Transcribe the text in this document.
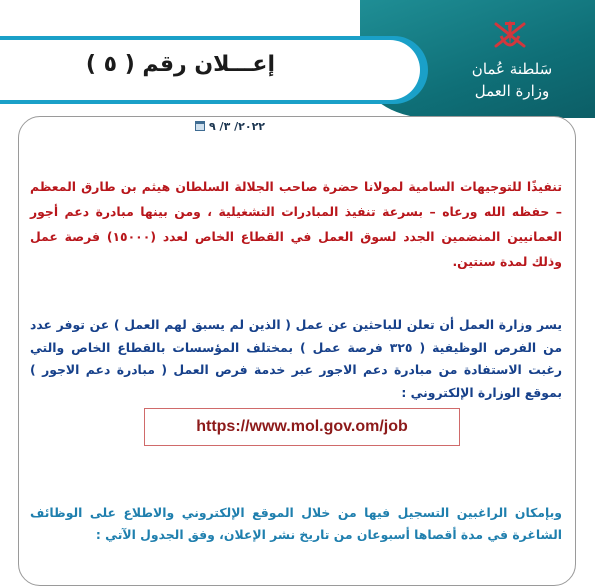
إعـــلان رقم ( ٥ )	سَلطنة عُمان
وزارة العمل
٢٠٢٢/ ٣/ ٩

تنفيذًا للتوجيهات السامية لمولانا حضرة صاحب الجلالة السلطان هيثم بن طارق المعظم – حفظه الله ورعاه – بسرعة تنفيذ المبادرات التشغيلية ، ومن بينها مبادرة دعم أجور العمانيين المنضمين الجدد لسوق العمل في القطاع الخاص لعدد (١٥٠٠٠) فرصة عمل وذلك لمدة سنتين.

يسر وزارة العمل أن تعلن للباحثين عن عمل ( الذين لم يسبق لهم العمل ) عن توفر عدد من الفرص الوظيفية ( ٣٢٥ فرصة عمل ) بمختلف المؤسسات بالقطاع الخاص والتي رغبت الاستفادة من مبادرة دعم الاجور عبر خدمة فرص العمل ( مبادرة دعم الاجور ) بموقع الوزارة الإلكتروني :

https://www.mol.gov.om/job

وبإمكان الراغبين التسجيل فيها من خلال الموقع الإلكتروني والاطلاع على الوظائف الشاغرة في مدة أقصاها أسبوعان من تاريخ نشر الإعلان، وفق الجدول الآتي :
